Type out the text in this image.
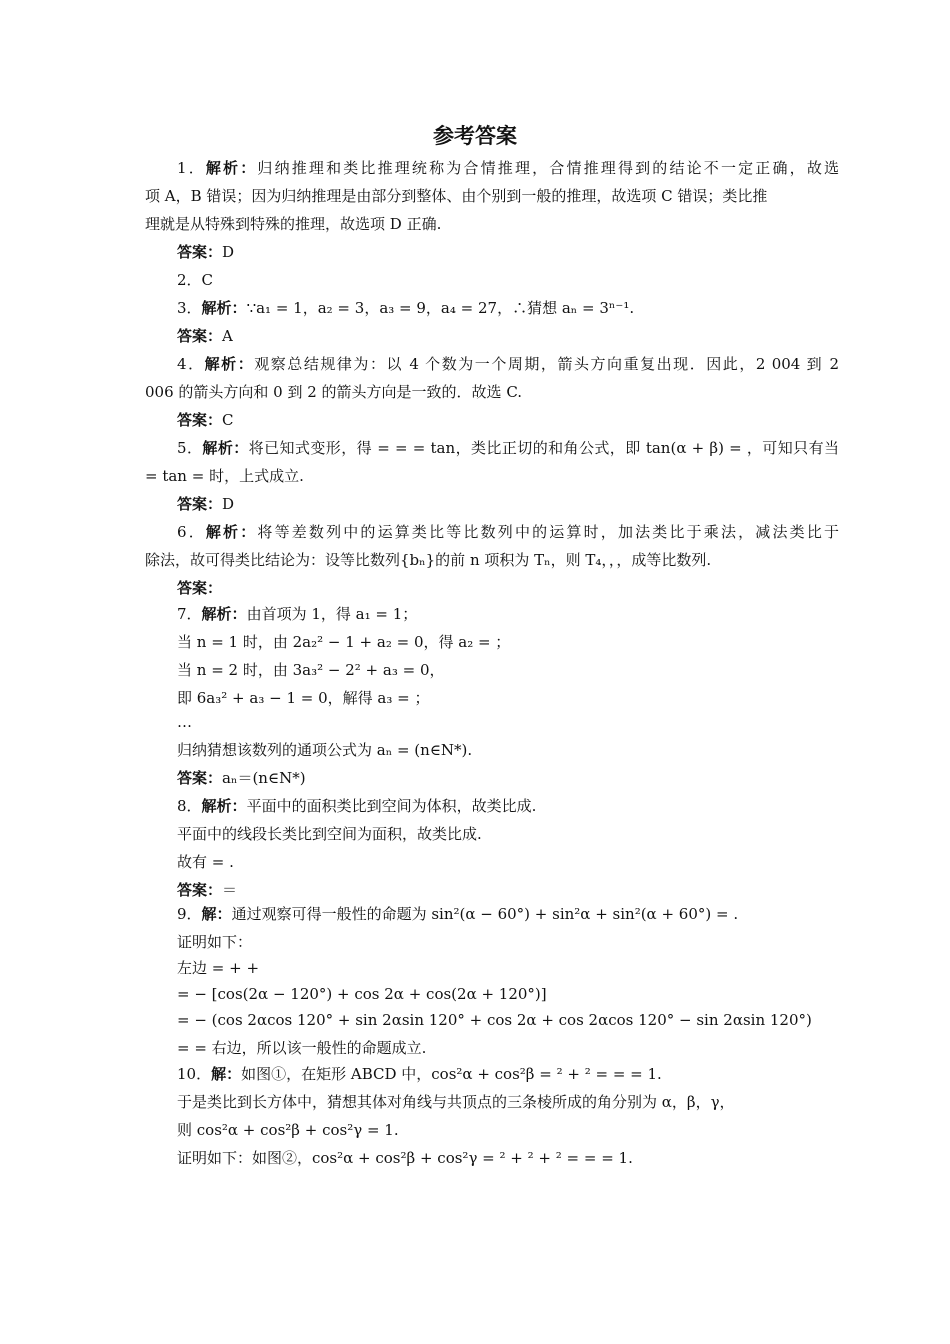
参考答案
1．解析：归纳推理和类比推理统称为合情推理，合情推理得到的结论不一定正确，故选
项 A，B 错误；因为归纳推理是由部分到整体、由个别到一般的推理，故选项 C 错误；类比推
理就是从特殊到特殊的推理，故选项 D 正确.
答案：D
2．C
3．解析：∵a₁ = 1，a₂ = 3，a₃ = 9，a₄ = 27，∴猜想 aₙ = 3ⁿ⁻¹.
答案：A
4．解析：观察总结规律为：以 4 个数为一个周期，箭头方向重复出现．因此，2 004 到 2
006 的箭头方向和 0 到 2 的箭头方向是一致的．故选 C.
答案：C
5．解析：将已知式变形，得 = = = tan，类比正切的和角公式，即 tan(α + β) = ，可知只有当
= tan = 时，上式成立.
答案：D
6．解析：将等差数列中的运算类比等比数列中的运算时，加法类比于乘法，减法类比于
除法，故可得类比结论为：设等比数列{bₙ}的前 n 项积为 Tₙ，则 T₄，，，成等比数列.
答案：
7．解析：由首项为 1，得 a₁ = 1；
当 n = 1 时，由 2a₂² − 1 + a₂ = 0，得 a₂ = ；
当 n = 2 时，由 3a₃² − 2² + a₃ = 0，
即 6a₃² + a₃ − 1 = 0，解得 a₃ = ；
…
归纳猜想该数列的通项公式为 aₙ = (n∈N*).
答案：aₙ＝(n∈N*)
8．解析：平面中的面积类比到空间为体积，故类比成.
平面中的线段长类比到空间为面积，故类比成.
故有 = .
答案：＝
9．解：通过观察可得一般性的命题为 sin²(α − 60°) + sin²α + sin²(α + 60°) = .
证明如下：
左边 = + +
= − [cos(2α − 120°) + cos 2α + cos(2α + 120°)]
= − (cos 2αcos 120° + sin 2αsin 120° + cos 2α + cos 2αcos 120° − sin 2αsin 120°)
= = 右边，所以该一般性的命题成立.
10．解：如图①，在矩形 ABCD 中，cos²α + cos²β = ² + ² = = = 1.
于是类比到长方体中，猜想其体对角线与共顶点的三条棱所成的角分别为 α，β，γ，
则 cos²α + cos²β + cos²γ = 1.
证明如下：如图②，cos²α + cos²β + cos²γ = ² + ² + ² = = = 1.
